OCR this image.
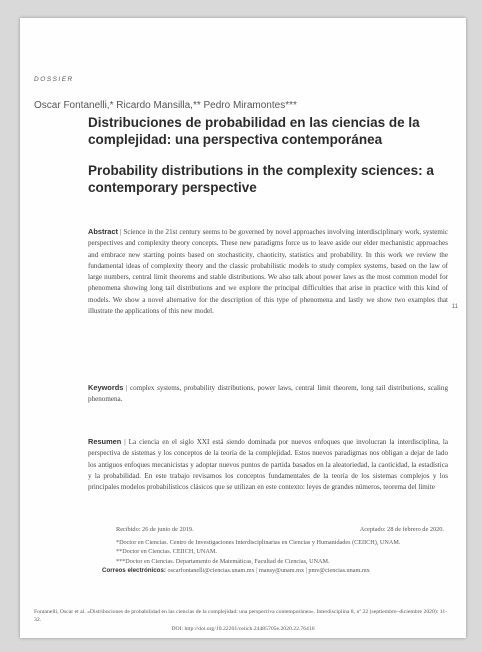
DOSSIER
Oscar Fontanelli,* Ricardo Mansilla,** Pedro Miramontes***
Distribuciones de probabilidad en las ciencias de la complejidad: una perspectiva contemporánea
Probability distributions in the complexity sciences: a contemporary perspective
Abstract | Science in the 21st century seems to be governed by novel approaches involving interdisciplinary work, systemic perspectives and complexity theory concepts. These new paradigms force us to leave aside our elder mechanistic approaches and embrace new starting points based on stochasticity, chaoticity, statistics and probability. In this work we review the fundamental ideas of complexity theory and the classic probabilistic models to study complex systems, based on the law of large numbers, central limit theorems and stable distributions. We also talk about power laws as the most common model for phenomena showing long tail distributions and we explore the principal difficulties that arise in practice with this kind of models. We show a novel alternative for the description of this type of phenomena and lastly we show two examples that illustrate the applications of this new model.
11
Keywords | complex systems, probability distributions, power laws, central limit theorem, long tail distributions, scaling phenomena.
Resumen | La ciencia en el siglo XXI está siendo dominada por nuevos enfoques que involucran la interdisciplina, la perspectiva de sistemas y los conceptos de la teoría de la complejidad. Estos nuevos paradigmas nos obligan a dejar de lado los antiguos enfoques mecanicistas y adoptar nuevos puntos de partida basados en la aleatoriedad, la caoticidad, la estadística y la probabilidad. En este trabajo revisamos los conceptos fundamentales de la teoría de los sistemas complejos y los principales modelos probabilísticos clásicos que se utilizan en este contexto: leyes de grandes números, teorema del límite
Recibido: 26 de junio de 2019.	Aceptado: 28 de febrero de 2020.

*Doctor en Ciencias. Centro de Investigaciones Interdisciplinarias en Ciencias y Humanidades (CEIICH), UNAM.

**Doctor en Ciencias. CEIICH, UNAM.

***Doctor en Ciencias. Departamento de Matemáticas, Facultad de Ciencias, UNAM.

Correos electrónicos: oscarfontanelli@ciencias.unam.mx | mansy@unam.mx | pmv@ciencias.unam.mx

Fontanelli, Oscar et al. «Distribuciones de probabilidad en las ciencias de la complejidad: una perspectiva contemporánea». Interdisciplina 8, nº 22 (septiembre–diciembre 2020): 11-32.

DOI: http://doi.org/10.22201/ceiich.24485705e.2020.22.76416
